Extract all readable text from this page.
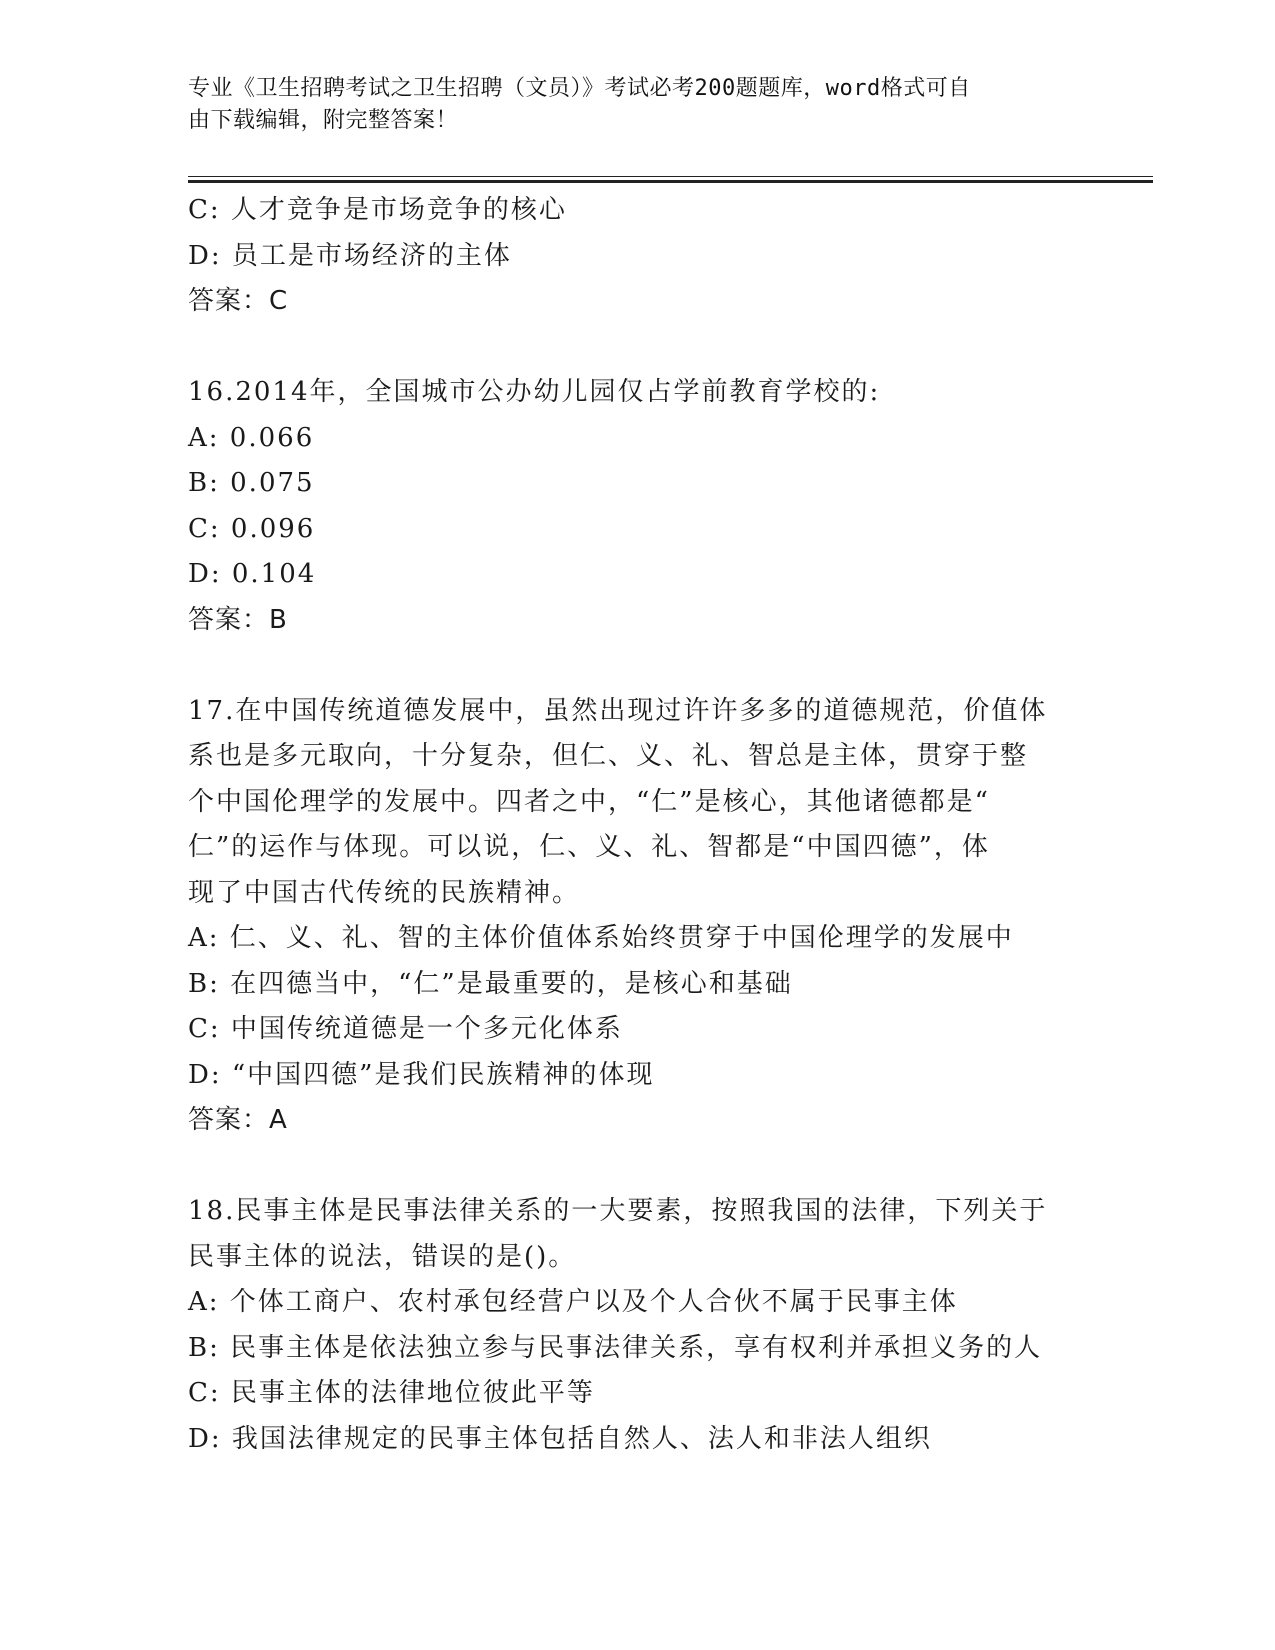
专业《卫生招聘考试之卫生招聘（文员）》考试必考200题题库，word格式可自
由下载编辑，附完整答案！
C: 人才竞争是市场竞争的核心
D: 员工是市场经济的主体
答案：C
16.2014年，全国城市公办幼儿园仅占学前教育学校的:
A: 0.066
B: 0.075
C: 0.096
D: 0.104
答案：B
17.在中国传统道德发展中，虽然出现过许许多多的道德规范，价值体
系也是多元取向，十分复杂，但仁、义、礼、智总是主体，贯穿于整
个中国伦理学的发展中。四者之中，“仁”是核心，其他诸德都是“
仁”的运作与体现。可以说，仁、义、礼、智都是“中国四德”，体
现了中国古代传统的民族精神。
A: 仁、义、礼、智的主体价值体系始终贯穿于中国伦理学的发展中
B: 在四德当中，“仁”是最重要的，是核心和基础
C: 中国传统道德是一个多元化体系
D: “中国四德”是我们民族精神的体现
答案：A
18.民事主体是民事法律关系的一大要素，按照我国的法律，下列关于
民事主体的说法，错误的是()。
A: 个体工商户、农村承包经营户以及个人合伙不属于民事主体
B: 民事主体是依法独立参与民事法律关系，享有权利并承担义务的人
C: 民事主体的法律地位彼此平等
D: 我国法律规定的民事主体包括自然人、法人和非法人组织
